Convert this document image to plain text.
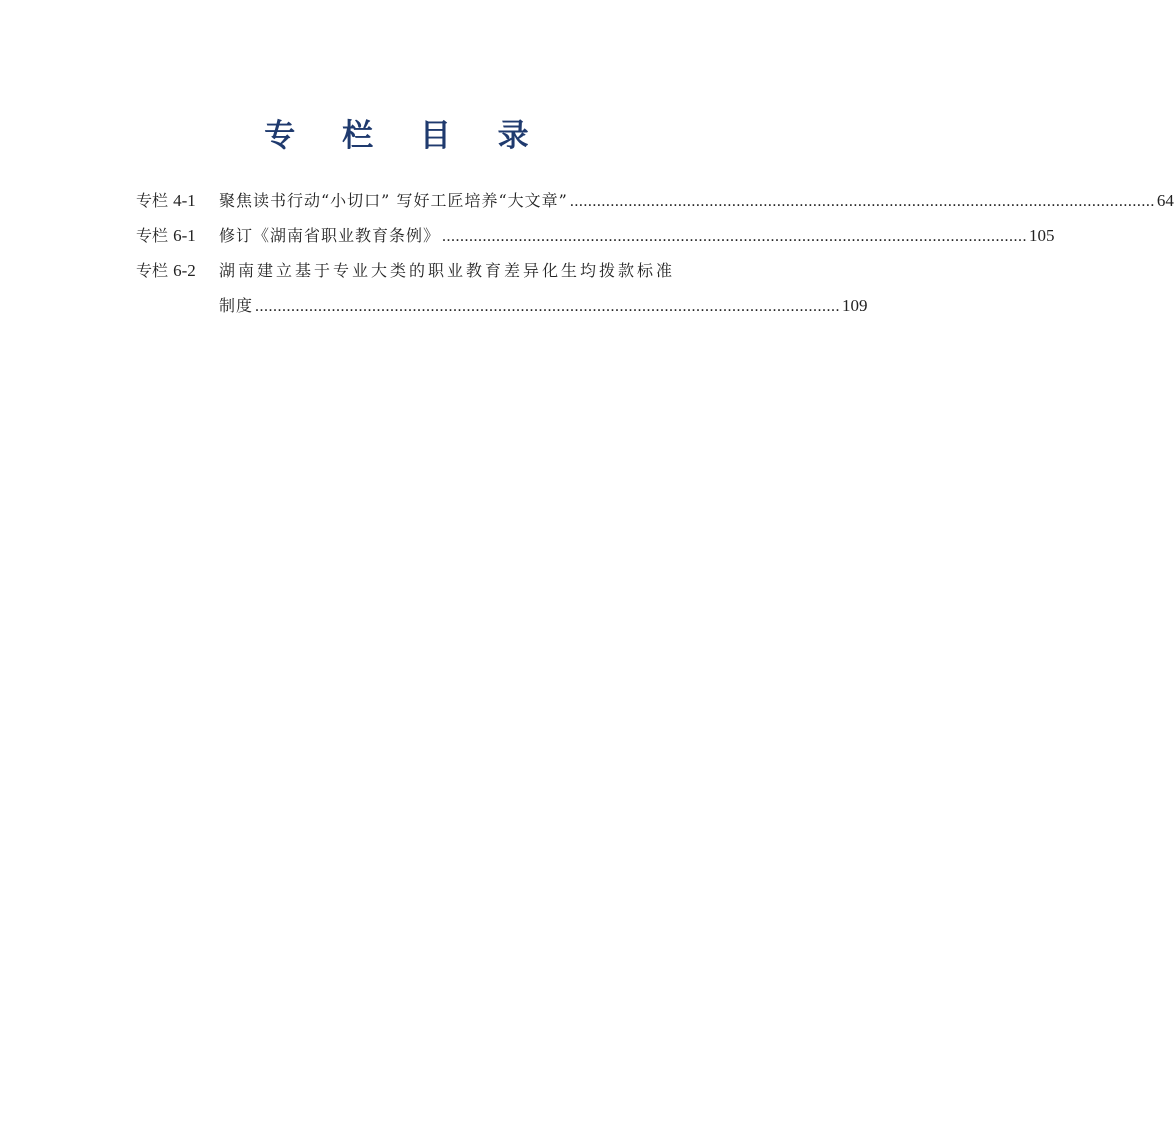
专 栏 目 录
专栏 4-1	聚焦读书行动“小切口” 写好工匠培养“大文章” .................................................................................................................................. 64
专栏 6-1	修订《湖南省职业教育条例》 .................................................................................................................................. 105
专栏 6-2	湖南建立基于专业大类的职业教育差异化生均拨款标准
制度 .................................................................................................................................. 109
